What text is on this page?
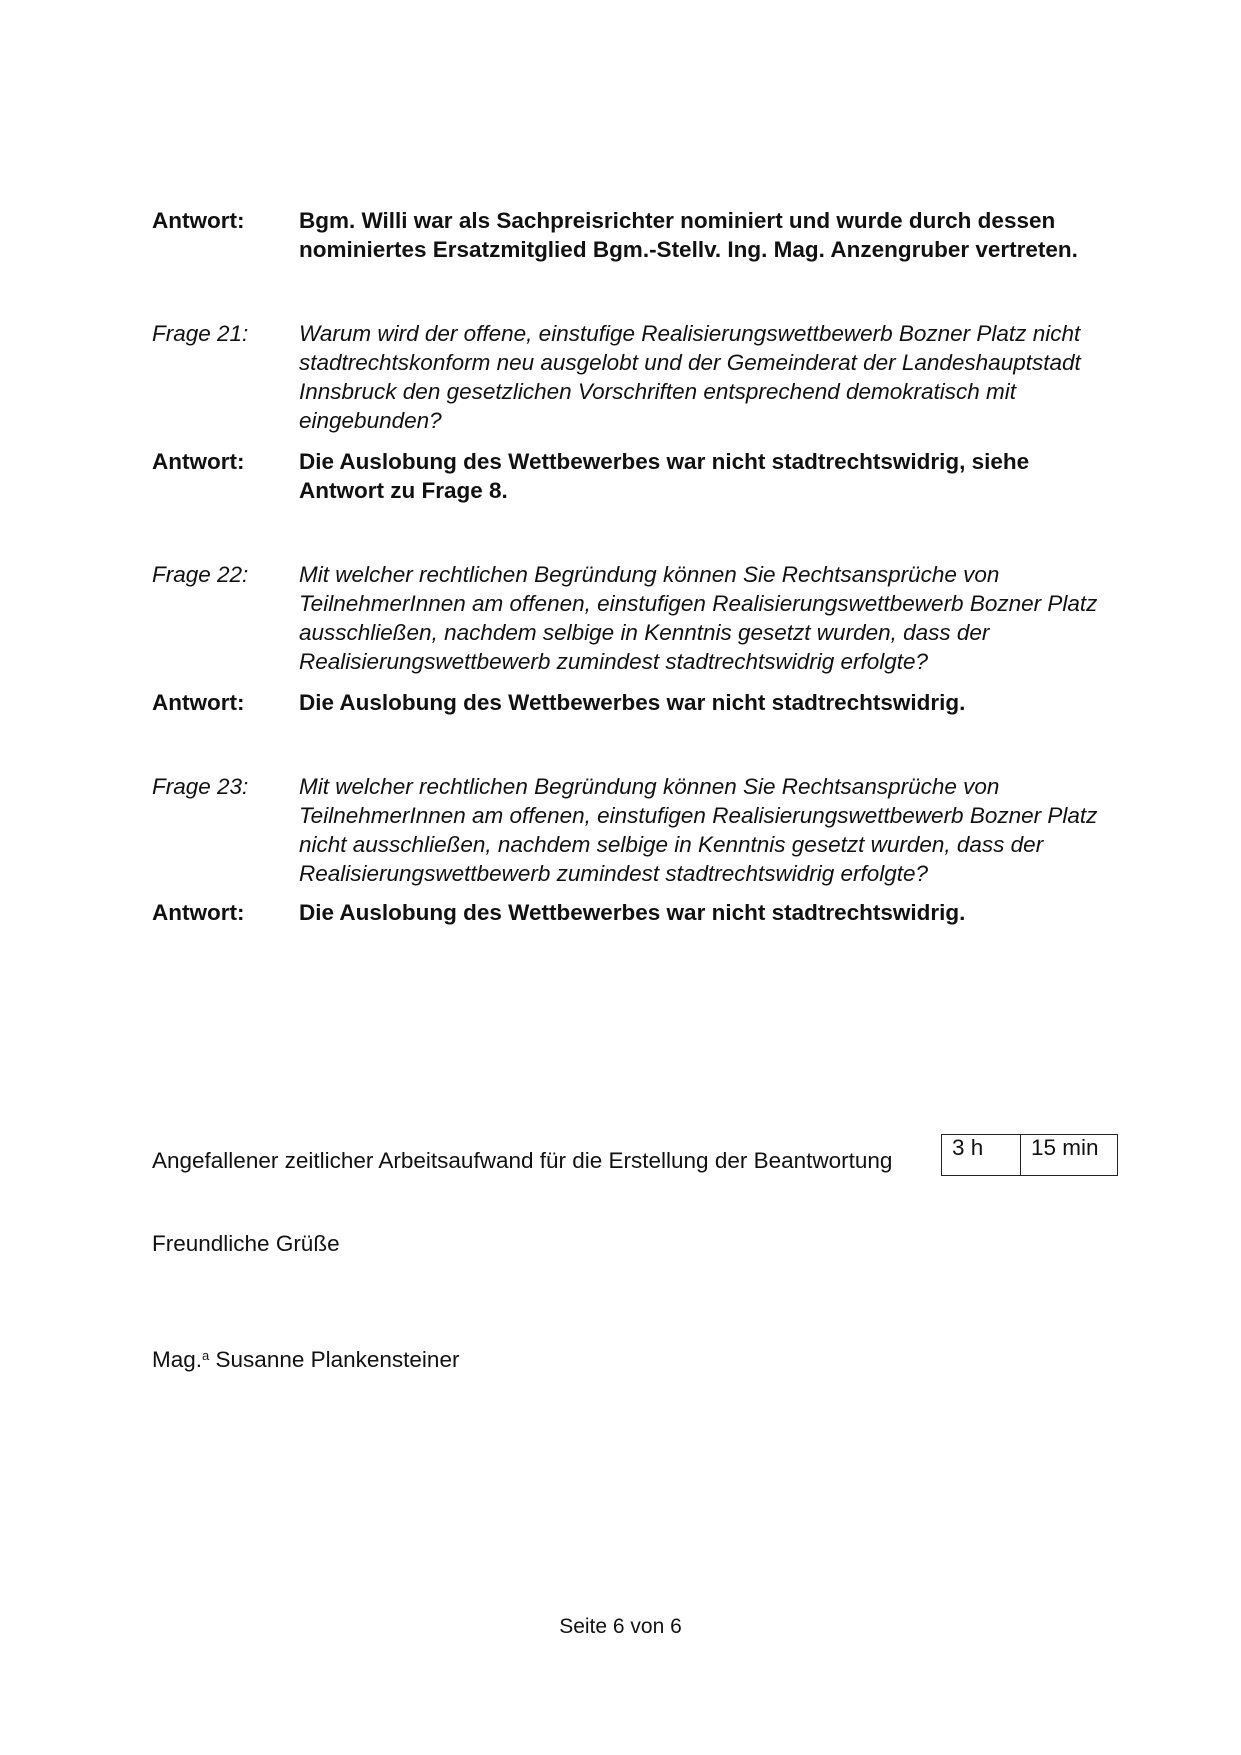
Antwort:	Bgm. Willi war als Sachpreisrichter nominiert und wurde durch dessen
nominiertes Ersatzmitglied Bgm.-Stellv. Ing. Mag. Anzengruber vertreten.
Frage 21:	Warum wird der offene, einstufige Realisierungswettbewerb Bozner Platz nicht
stadtrechtskonform neu ausgelobt und der Gemeinderat der Landeshauptstadt
Innsbruck den gesetzlichen Vorschriften entsprechend demokratisch mit
eingebunden?
Antwort:	Die Auslobung des Wettbewerbes war nicht stadtrechtswidrig, siehe
Antwort zu Frage 8.
Frage 22:	Mit welcher rechtlichen Begründung können Sie Rechtsansprüche von
TeilnehmerInnen am offenen, einstufigen Realisierungswettbewerb Bozner Platz
ausschließen, nachdem selbige in Kenntnis gesetzt wurden, dass der
Realisierungswettbewerb zumindest stadtrechtswidrig erfolgte?
Antwort:	Die Auslobung des Wettbewerbes war nicht stadtrechtswidrig.
Frage 23:	Mit welcher rechtlichen Begründung können Sie Rechtsansprüche von
TeilnehmerInnen am offenen, einstufigen Realisierungswettbewerb Bozner Platz
nicht ausschließen, nachdem selbige in Kenntnis gesetzt wurden, dass der
Realisierungswettbewerb zumindest stadtrechtswidrig erfolgte?
Antwort:	Die Auslobung des Wettbewerbes war nicht stadtrechtswidrig.
Angefallener zeitlicher Arbeitsaufwand für die Erstellung der Beantwortung
3 h	15 min
Freundliche Grüße
Mag.$^a$ Susanne Plankensteiner
Seite 6 von 6
